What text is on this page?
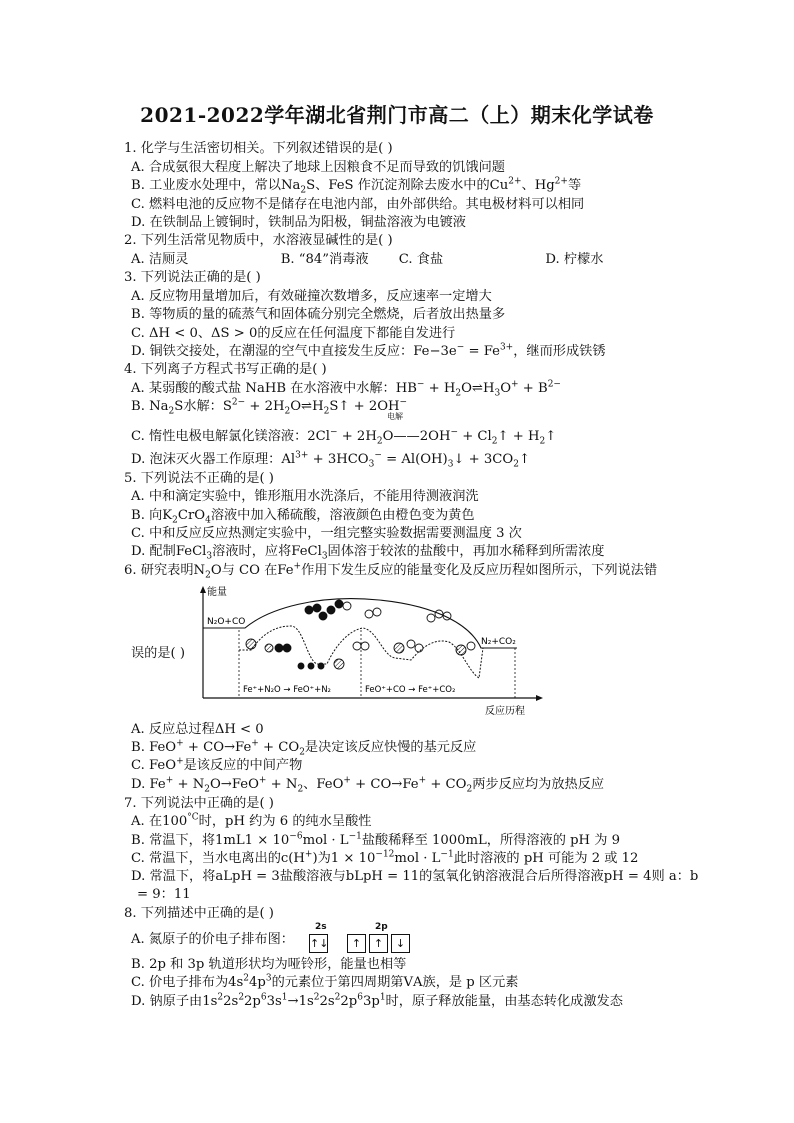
2021-2022学年湖北省荆门市高二（上）期末化学试卷
1. 化学与生活密切相关。下列叙述错误的是( )
A. 合成氨很大程度上解决了地球上因粮食不足而导致的饥饿问题
B. 工业废水处理中，常以$Na_2S$、FeS 作沉淀剂除去废水中的$Cu^{2+}$、$Hg^{2+}$等
C. 燃料电池的反应物不是储存在电池内部，由外部供给。其电极材料可以相同
D. 在铁制品上镀铜时，铁制品为阳极，铜盐溶液为电镀液
2. 下列生活常见物质中，水溶液显碱性的是( )
A. 洁厕灵	B. “84”消毒液 C. 食盐	D. 柠檬水
3. 下列说法正确的是( )
A. 反应物用量增加后，有效碰撞次数增多，反应速率一定增大
B. 等物质的量的硫蒸气和固体硫分别完全燃烧，后者放出热量多
C. ΔH < 0、ΔS > 0的反应在任何温度下都能自发进行
D. 铜铁交接处，在潮湿的空气中直接发生反应：$Fe-3e^- = Fe^{3+}$，继而形成铁锈
4. 下列离子方程式书写正确的是( )
A. 某弱酸的酸式盐 NaHB 在水溶液中水解：$HB^- + H_2O\rightleftharpoons H_3O^+ + B^{2-}$
B. $Na_2S$水解：$S^{2-}$ + $2H_2O\rightleftharpoons H_2S↑ + 2OH^-$
电解
C. 惰性电极电解氯化镁溶液：$2Cl^- + 2H_2O——2OH^-$ + $Cl_2↑$ + $H_2↑$
D. 泡沫灭火器工作原理：$Al^{3+} + 3HCO_3^-$ = $Al(OH)_3↓$ + $3CO_2↑$
5. 下列说法不正确的是( )
A. 中和滴定实验中，锥形瓶用水洗涤后，不能用待测液润洗
B. 向$K_2CrO_4$溶液中加入稀硫酸，溶液颜色由橙色变为黄色
C. 中和反应反应热测定实验中，一组完整实验数据需要测温度 3 次
D. 配制FeCl$_3$溶液时，应将FeCl$_3$固体溶于较浓的盐酸中，再加水稀释到所需浓度
6. 研究表明$N_2O$与 CO 在Fe+作用下发生反应的能量变化及反应历程如图所示，下列说法错
误的是( )
能量
反应历程
N₂O+CO
N₂+CO₂
Fe⁺+N₂O → FeO⁺+N₂	FeO⁺+CO → Fe⁺+CO₂
A. 反应总过程ΔH < 0
B. $FeO^+ + CO\to Fe^+ + CO_2$是决定该反应快慢的基元反应
C. FeO+是该反应的中间产物
D. $Fe^+ + N_2O\to FeO^+ + N_2$、$FeO^+ + CO\to Fe^+ + CO_2$两步反应均为放热反应
7. 下列说法中正确的是( )
A. 在$100^{^\circ C}$时，pH 约为 6 的纯水呈酸性
B. 常温下，将$1mL1 \times 10^{-6}mol \cdot L^{-1}$盐酸稀释至 1000mL，所得溶液的 pH 为 9
C. 常温下，当水电离出的c(H+)为$1 \times 10^{-12}mol \cdot L^{-1}$此时溶液的 pH 可能为 2 或 12
D. 常温下，将aLpH = 3盐酸溶液与bLpH = 11的氢氧化钠溶液混合后所得溶液pH = 4则 a：b
= 9：11
8. 下列描述中正确的是( )
A. 氮原子的价电子排布图：
2s	2p
↑↓	↑	↑	↓
B. 2p 和 3p 轨道形状均为哑铃形，能量也相等
C. 价电子排布为$4s^24p^3$的元素位于第四周期第ⅤA族，是 p 区元素
D. 钠原子由$1s^22s^22p^63s^1\to 1s^22s^22p^63p^1$时，原子释放能量，由基态转化成激发态
